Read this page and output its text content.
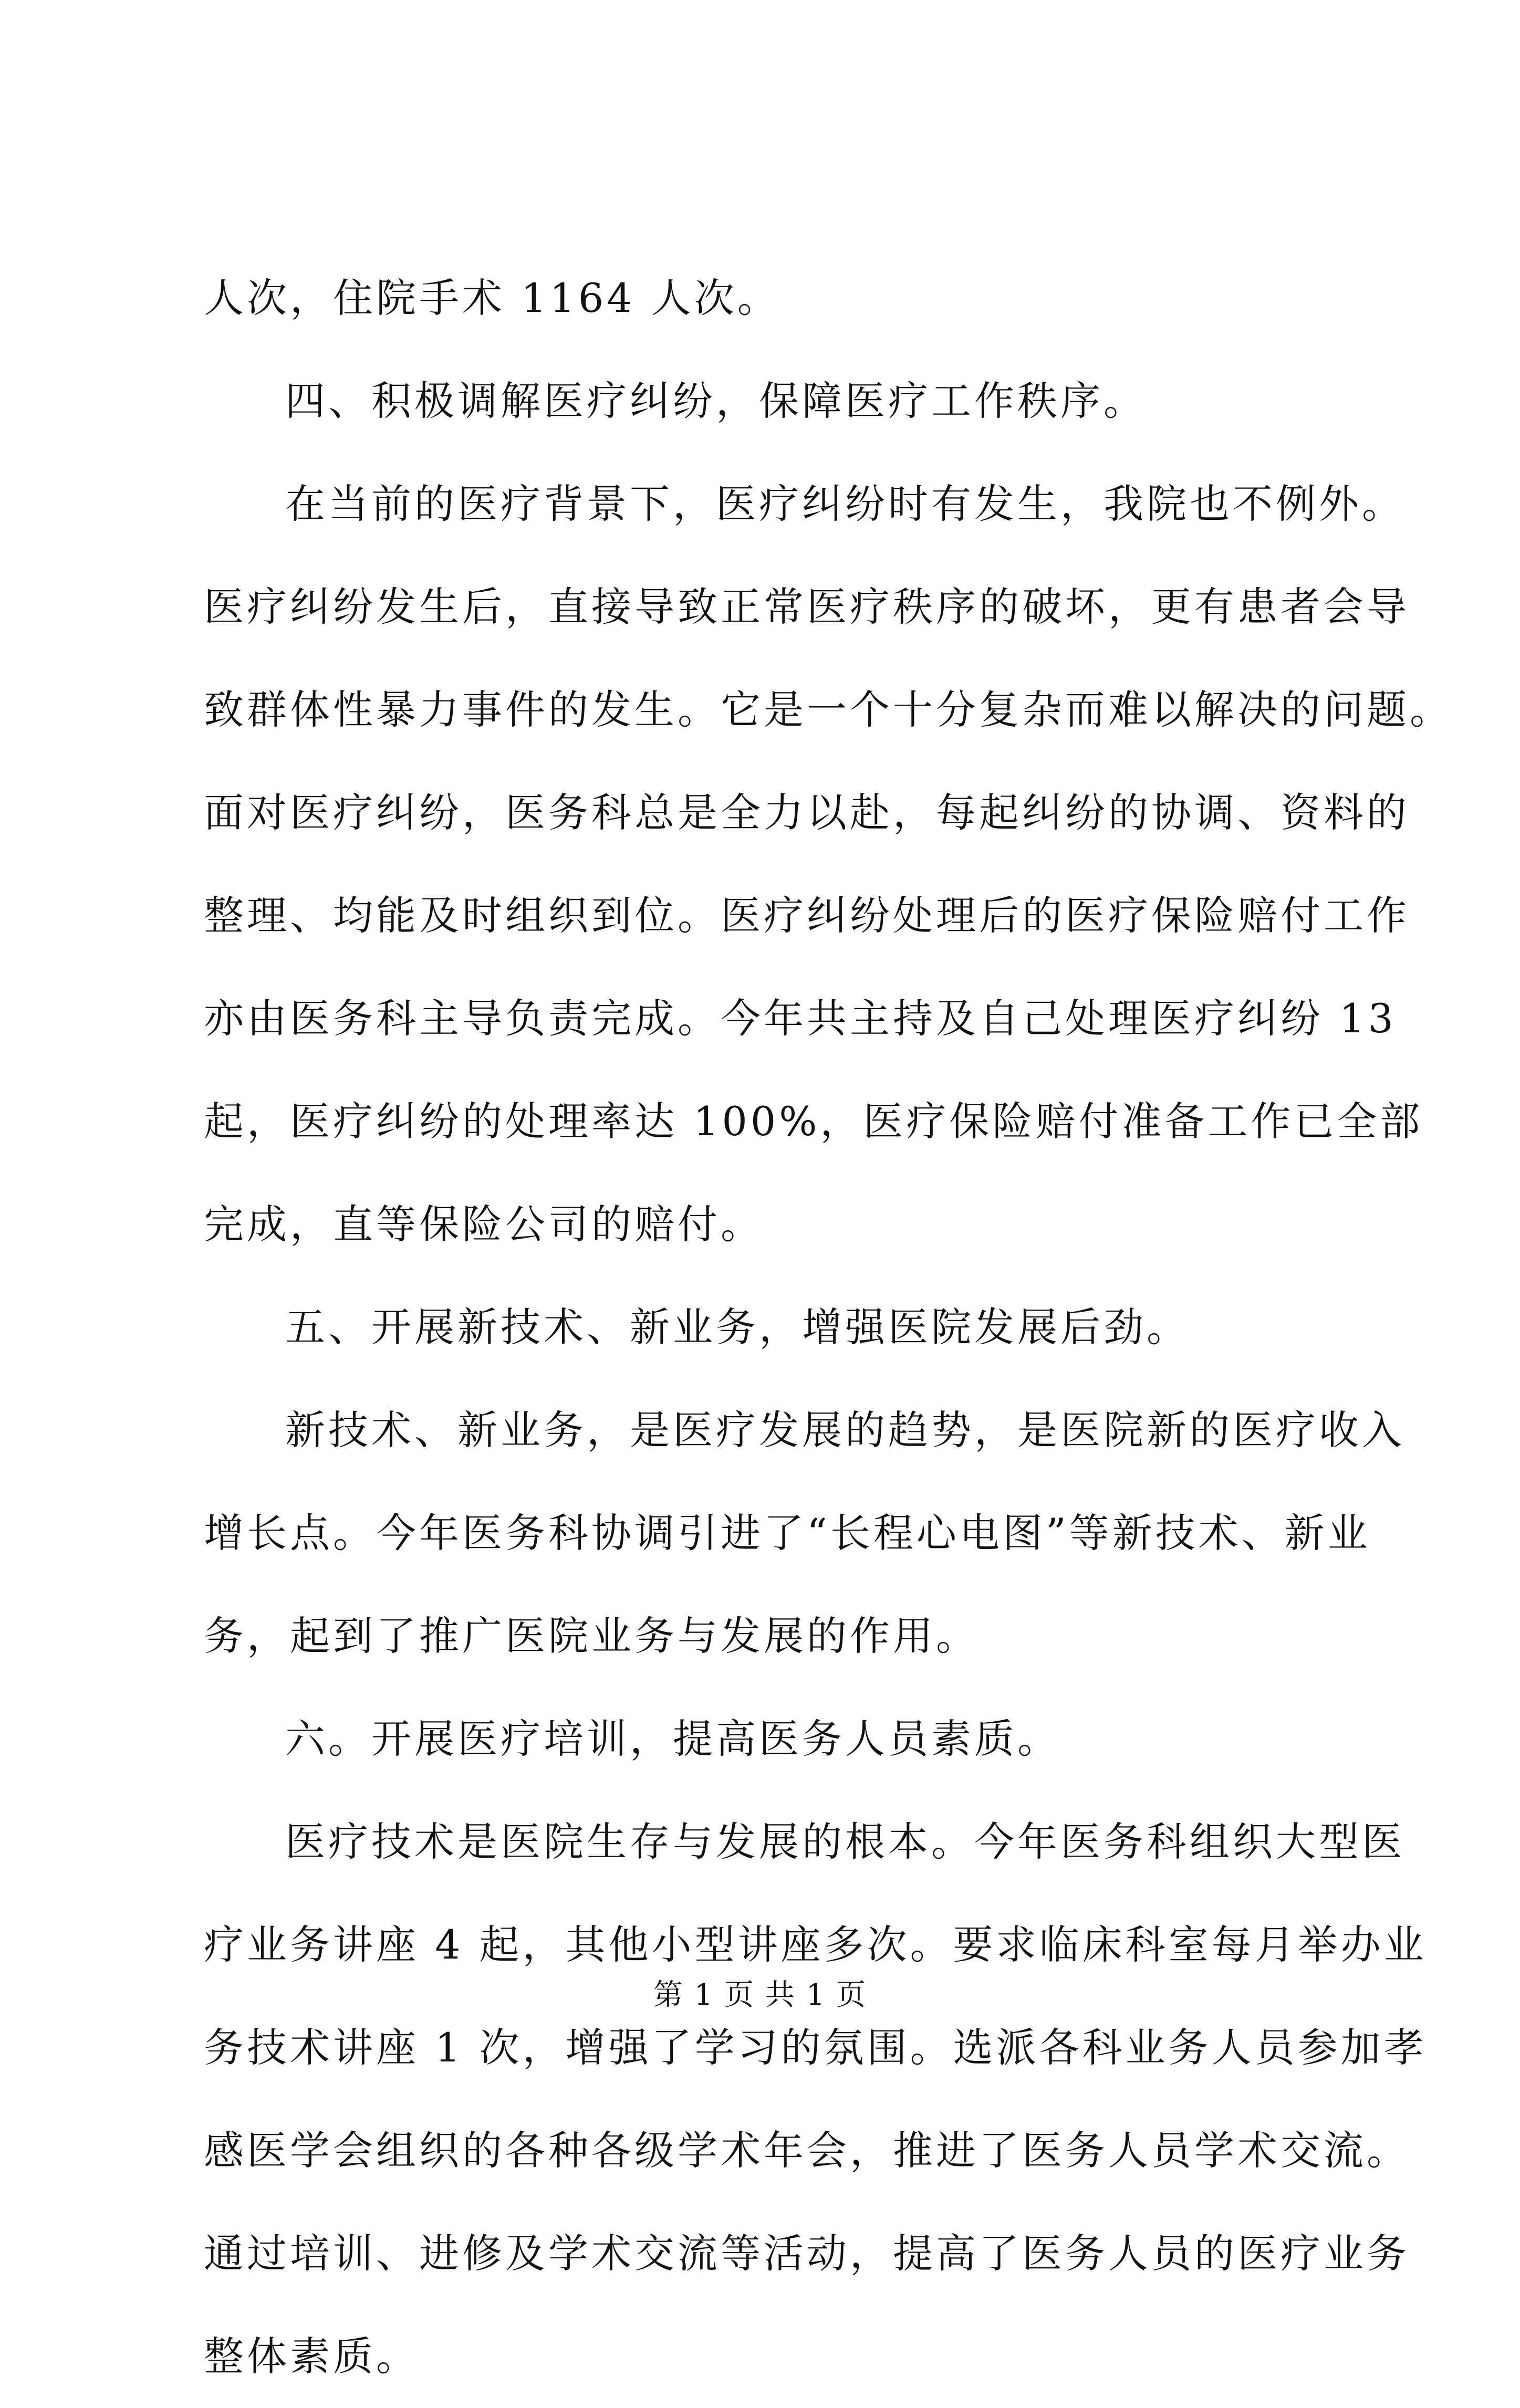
人次，住院手术 1164 人次。
四、积极调解医疗纠纷，保障医疗工作秩序。
在当前的医疗背景下，医疗纠纷时有发生，我院也不例外。
医疗纠纷发生后，直接导致正常医疗秩序的破坏，更有患者会导
致群体性暴力事件的发生。它是一个十分复杂而难以解决的问题。
面对医疗纠纷，医务科总是全力以赴，每起纠纷的协调、资料的
整理、均能及时组织到位。医疗纠纷处理后的医疗保险赔付工作
亦由医务科主导负责完成。今年共主持及自己处理医疗纠纷 13
起，医疗纠纷的处理率达 100%，医疗保险赔付准备工作已全部
完成，直等保险公司的赔付。
五、开展新技术、新业务，增强医院发展后劲。
新技术、新业务，是医疗发展的趋势，是医院新的医疗收入
增长点。今年医务科协调引进了“长程心电图”等新技术、新业
务，起到了推广医院业务与发展的作用。
六。开展医疗培训，提高医务人员素质。
医疗技术是医院生存与发展的根本。今年医务科组织大型医
疗业务讲座 4 起，其他小型讲座多次。要求临床科室每月举办业
务技术讲座 1 次，增强了学习的氛围。选派各科业务人员参加孝
感医学会组织的各种各级学术年会，推进了医务人员学术交流。
通过培训、进修及学术交流等活动，提高了医务人员的医疗业务
整体素质。
第 1 页 共 1 页
